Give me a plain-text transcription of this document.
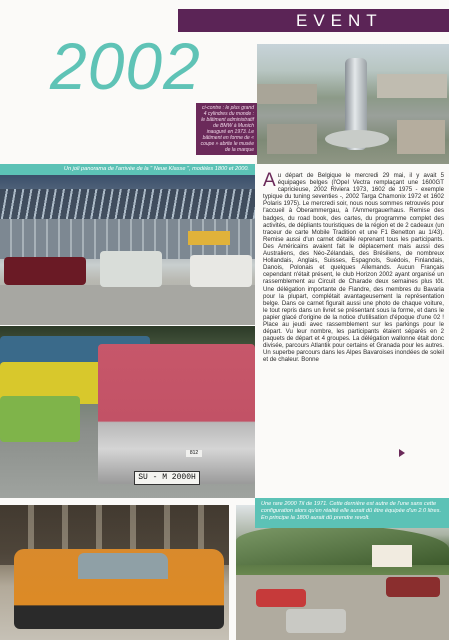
EVENT
2002
ci-contre : le plus grand 4 cylindres du monde : le bâtiment administratif de BMW à Munich inauguré en 1973. Le bâtiment en forme de « coupe » abrite le musée de la marque
Un joli panorama de l'arrivée de la " Neue Klasse ", modèles 1800 et 2000.
SU - M 2000H
812

Au départ de Belgique le mercredi 29 mai, il y avait 5 équipages belges (l'Opel Vectra remplaçant une 1600GT capricieuse, 2002 Riviera 1973, 1602 de 1975 - exemple typique du tuning seventies -, 2002 Targa Chamonix 1972 et 1602 Polaris 1975). Le mercredi soir, nous nous sommes retrouvés pour l'accueil à Oberammergau, à l'Ammergauerhaus. Remise des badges, du road book, des cartes, du programme complet des activités, de dépliants touristiques de la région et de 2 cadeaux (un traceur de carte Mobile Tradition et une F1 Benetton au 1/43). Remise aussi d'un carnet détaillé reprenant tous les participants. Des Américains avaient fait le déplacement mais aussi des Australiens, des Néo-Zélandais, des Brésiliens, de nombreux Hollandais, Anglais, Suisses, Espagnols, Suédois, Finlandais, Danois, Polonais et quelques Allemands. Aucun Français cependant n'était présent, le club Horizon 2002 ayant organisé un rassemblement au Circuit de Charade deux semaines plus tôt. Une délégation importante de Flandre, des membres du Bavaria pour la plupart, complétait avantageusement la représentation belge. Dans ce carnet figurait aussi une photo de chaque voiture, le tout repris dans un livret se présentant sous la forme, et dans le papier glacé d'origine de la notice d'utilisation d'époque d'une 02 ! Place au jeudi avec rassemblement sur les parkings pour le départ. Vu leur nombre, les participants étaient séparés en 2 paquets de départ et 4 groupes. La délégation wallonne était donc divisée, parcours Atlantik pour certains et Granada pour les autres. Un superbe parcours dans les Alpes Bavaroises inondées de soleil et de chaleur. Bonne

Une rare 2000 TiI de 1971. Cette dernière est autre de l'une sans cette configuration alors qu'en réalité elle aurait dû être équipée d'un 2.0 litres. En principe la 1800 aurait dû prendre revolt.
